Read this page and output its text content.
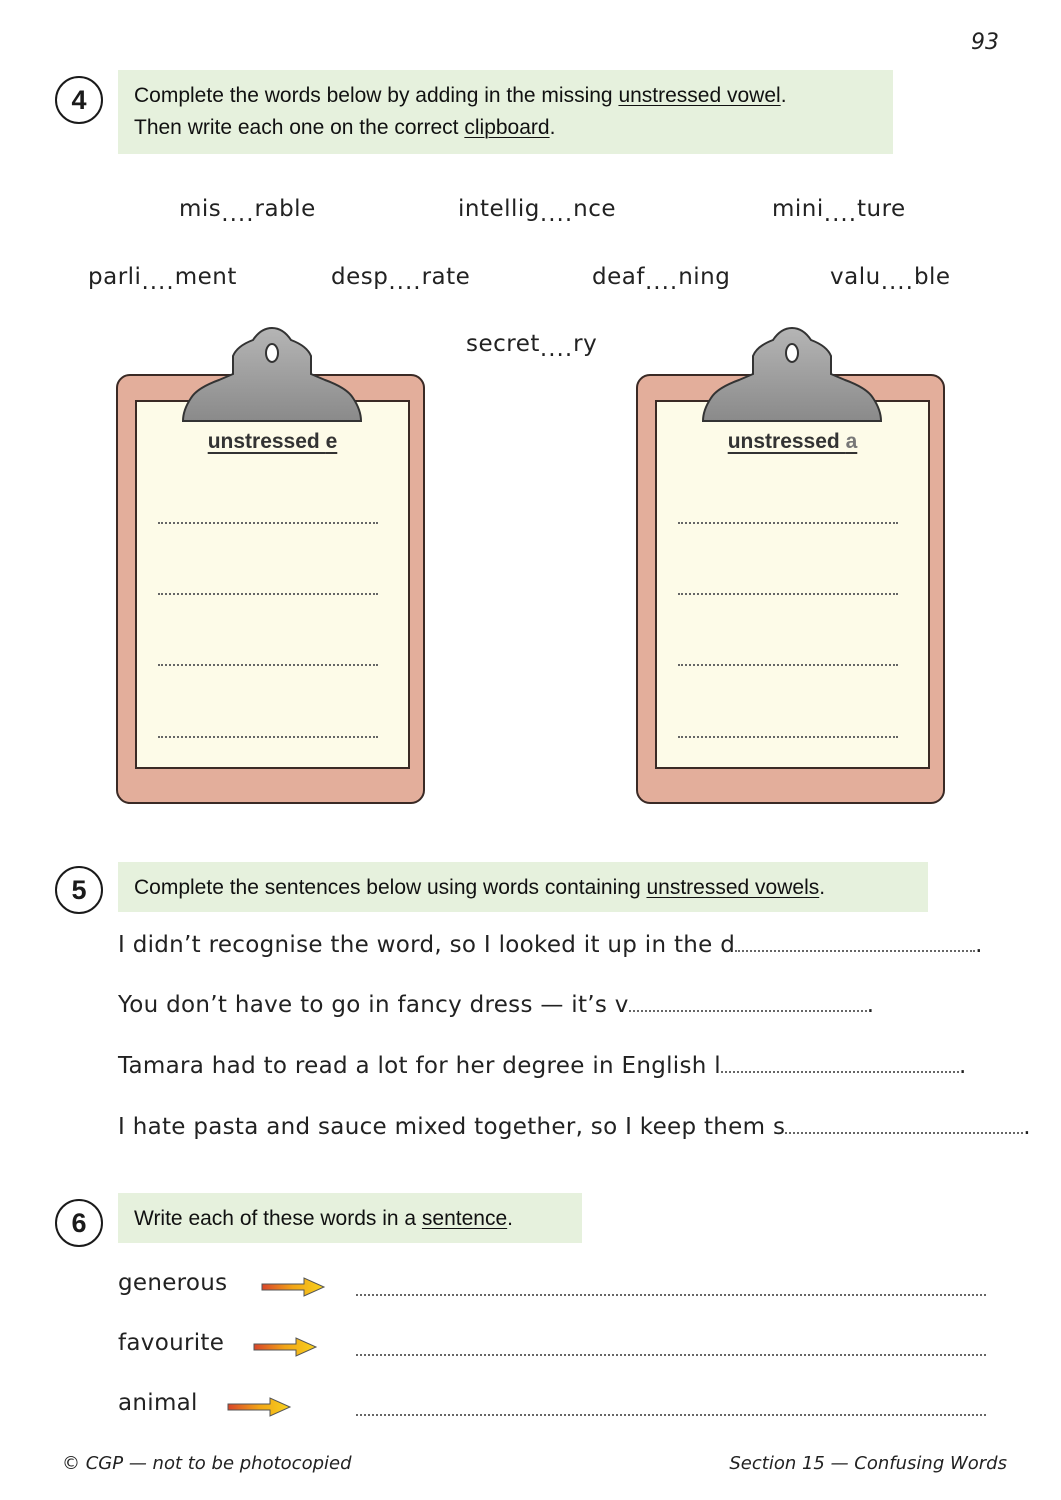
93
4	Complete the words below by adding in the missing unstressed vowel.
Then write each one on the correct clipboard.
mis....rable	intellig....nce	mini....ture
parli....ment	desp....rate	deaf....ning	valu....ble
secret....ry
unstressed e	unstressed a
5	Complete the sentences below using words containing unstressed vowels.
I didn’t recognise the word, so I looked it up in the d	.
You don’t have to go in fancy dress — it’s v	.
Tamara had to read a lot for her degree in English l	.
I hate pasta and sauce mixed together, so I keep them s	.
6	Write each of these words in a sentence.
generous
favourite
animal
© CGP — not to be photocopied	Section 15 — Confusing Words
